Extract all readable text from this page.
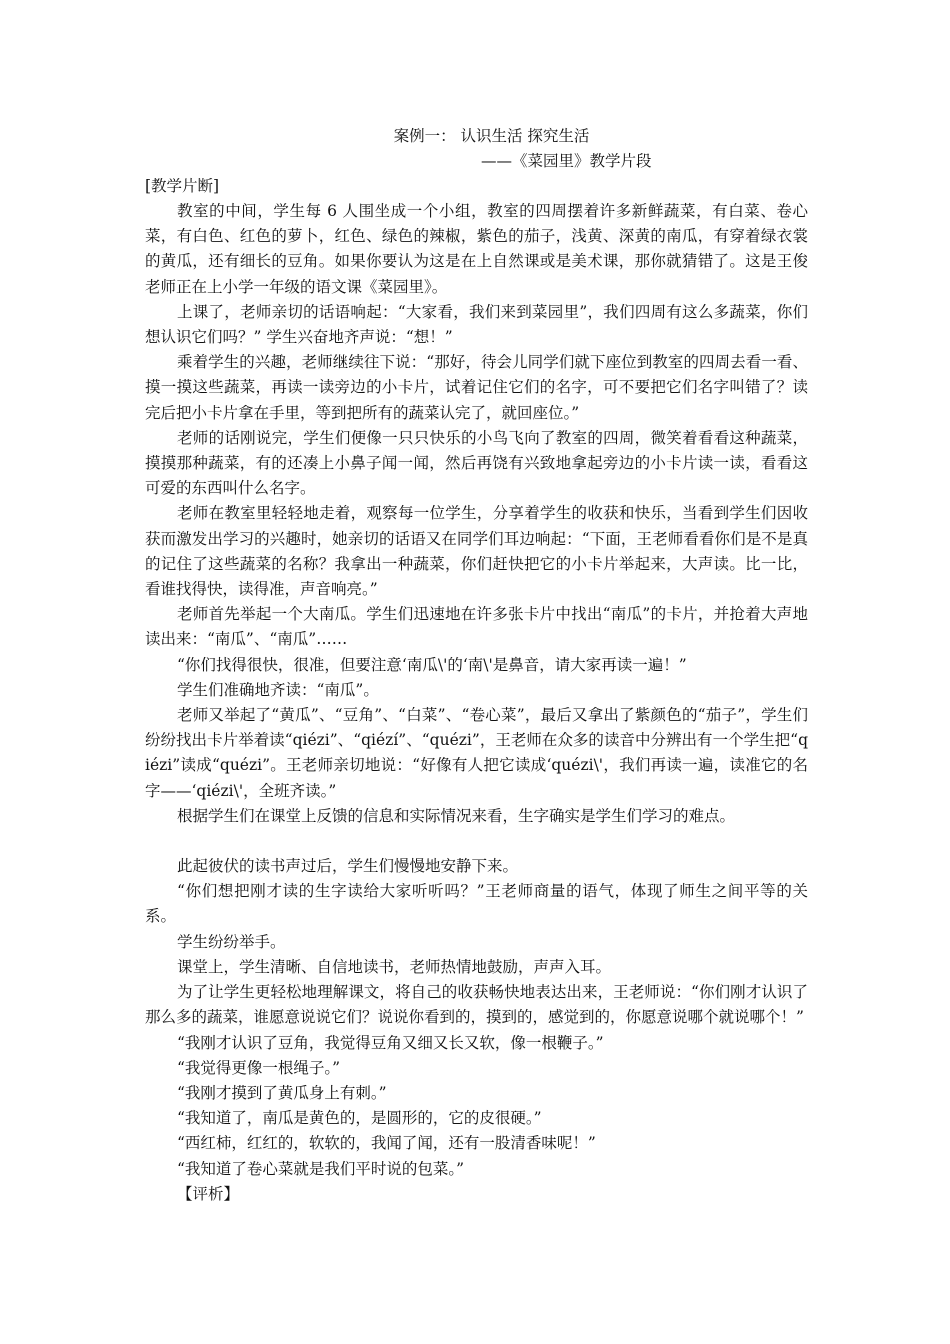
案例一： 认识生活 探究生活

——《菜园里》教学片段

[教学片断]

教室的中间，学生每 6 人围坐成一个小组，教室的四周摆着许多新鲜蔬菜，有白菜、卷心菜，有白色、红色的萝卜，红色、绿色的辣椒，紫色的茄子，浅黄、深黄的南瓜，有穿着绿衣裳的黄瓜，还有细长的豆角。如果你要认为这是在上自然课或是美术课，那你就猜错了。这是王俊老师正在上小学一年级的语文课《菜园里》。

上课了，老师亲切的话语响起：“大家看，我们来到菜园里”，我们四周有这么多蔬菜，你们想认识它们吗？” 学生兴奋地齐声说：“想！”

乘着学生的兴趣，老师继续往下说：“那好，待会儿同学们就下座位到教室的四周去看一看、摸一摸这些蔬菜，再读一读旁边的小卡片，试着记住它们的名字，可不要把它们名字叫错了？读完后把小卡片拿在手里，等到把所有的蔬菜认完了，就回座位。”

老师的话刚说完，学生们便像一只只快乐的小鸟飞向了教室的四周，微笑着看看这种蔬菜，摸摸那种蔬菜，有的还凑上小鼻子闻一闻，然后再饶有兴致地拿起旁边的小卡片读一读，看看这可爱的东西叫什么名字。

老师在教室里轻轻地走着，观察每一位学生，分享着学生的收获和快乐，当看到学生们因收获而激发出学习的兴趣时，她亲切的话语又在同学们耳边响起：“下面，王老师看看你们是不是真的记住了这些蔬菜的名称？我拿出一种蔬菜，你们赶快把它的小卡片举起来，大声读。比一比，看谁找得快，读得准，声音响亮。”

老师首先举起一个大南瓜。学生们迅速地在许多张卡片中找出“南瓜”的卡片，并抢着大声地读出来：“南瓜”、“南瓜”……

“你们找得很快，很准，但要注意‘南瓜\'的‘南\'是鼻音，请大家再读一遍！”

学生们准确地齐读：“南瓜”。

老师又举起了“黄瓜”、“豆角”、“白菜”、“卷心菜”，最后又拿出了紫颜色的“茄子”，学生们纷纷找出卡片举着读“qiézi”、“qiézí”、“quézi”，王老师在众多的读音中分辨出有一个学生把“qiézi”读成“quézi”。王老师亲切地说：“好像有人把它读成‘quézi\'，我们再读一遍，读准它的名字——‘qiézi\'，全班齐读。”

根据学生们在课堂上反馈的信息和实际情况来看，生字确实是学生们学习的难点。

此起彼伏的读书声过后，学生们慢慢地安静下来。

“你们想把刚才读的生字读给大家听听吗？”王老师商量的语气，体现了师生之间平等的关系。

学生纷纷举手。

课堂上，学生清晰、自信地读书，老师热情地鼓励，声声入耳。

为了让学生更轻松地理解课文，将自己的收获畅快地表达出来，王老师说：“你们刚才认识了那么多的蔬菜，谁愿意说说它们？说说你看到的，摸到的，感觉到的，你愿意说哪个就说哪个！”

“我刚才认识了豆角，我觉得豆角又细又长又软，像一根鞭子。”

“我觉得更像一根绳子。”

“我刚才摸到了黄瓜身上有刺。”

“我知道了，南瓜是黄色的，是圆形的，它的皮很硬。”

“西红柿，红红的，软软的，我闻了闻，还有一股清香味呢！”

“我知道了卷心菜就是我们平时说的包菜。”

【评析】
